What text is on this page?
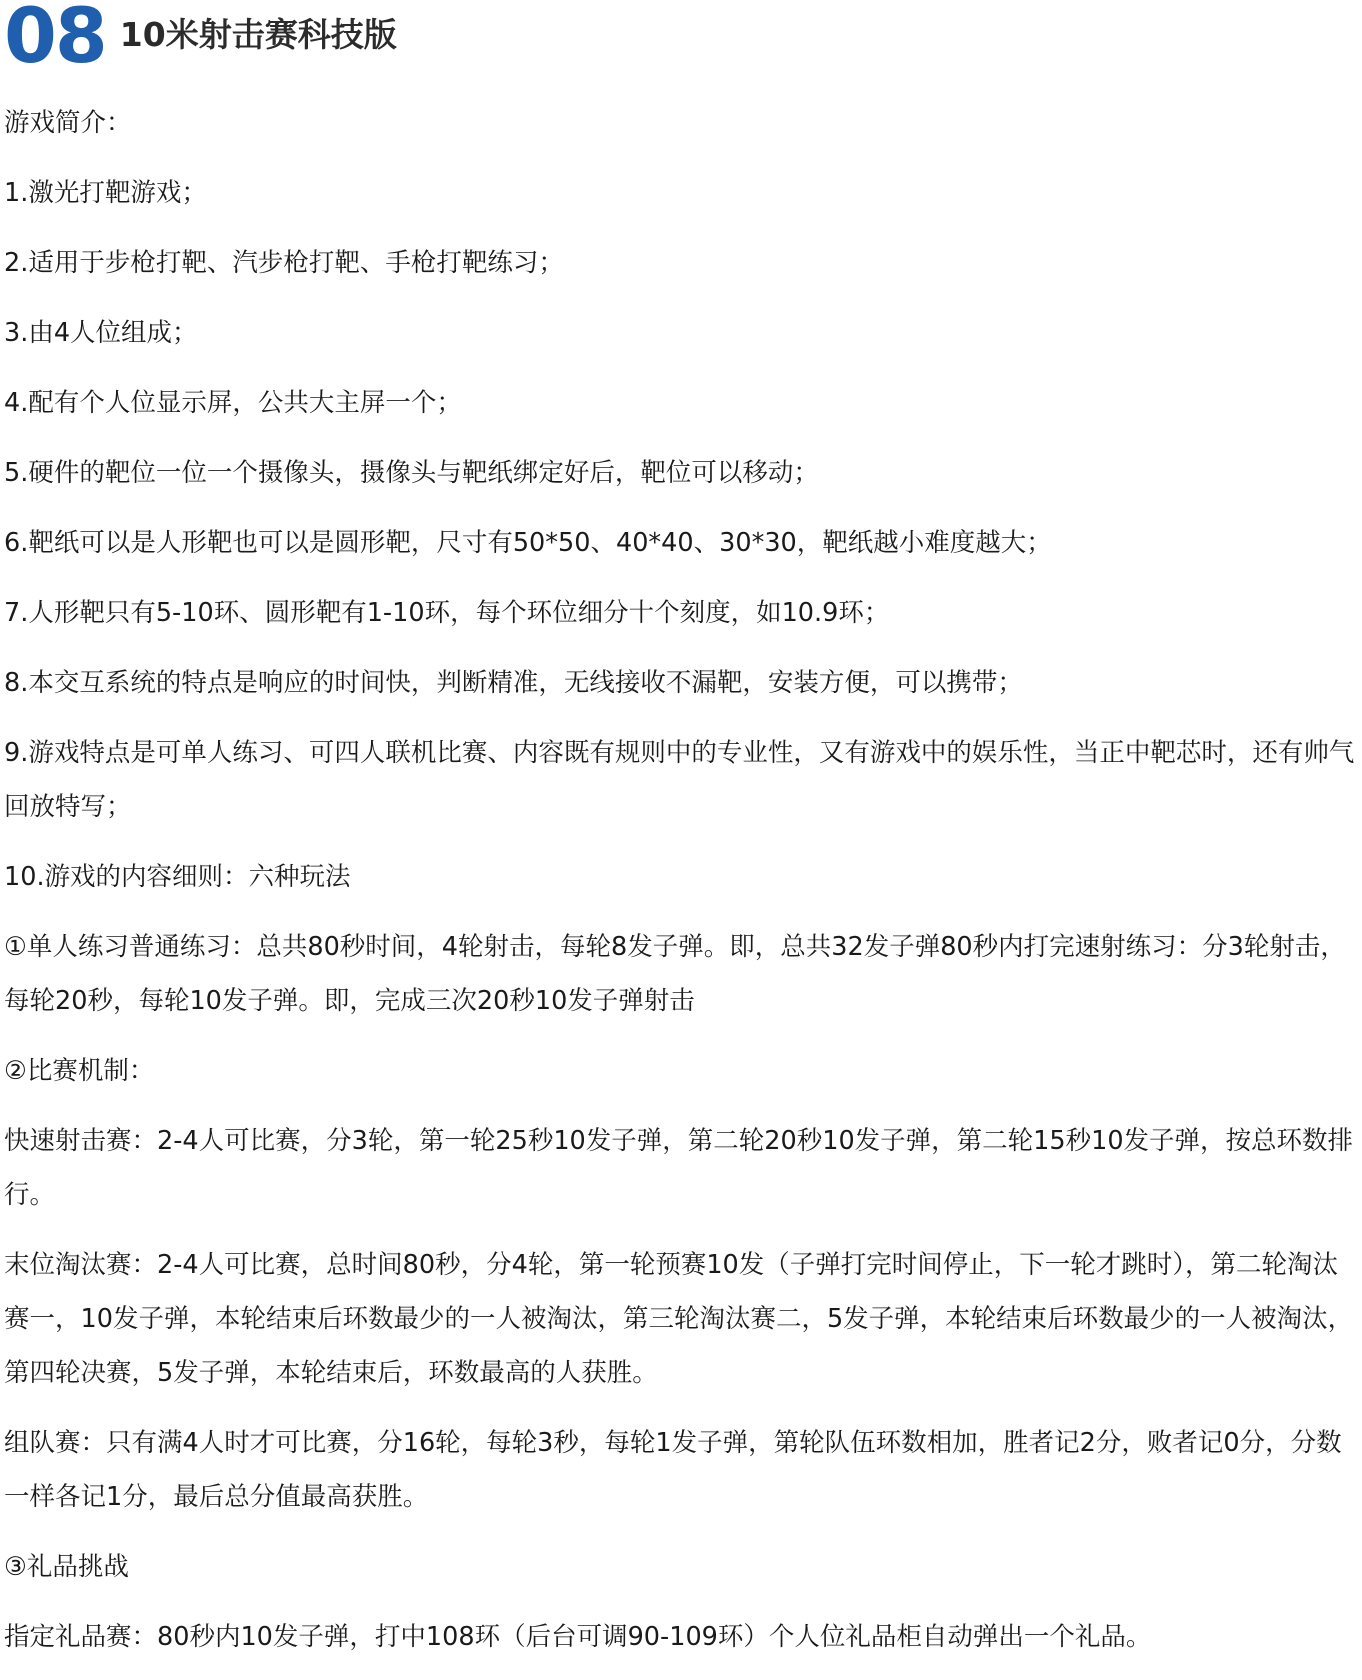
08 10米射击赛科技版

游戏简介：

1.激光打靶游戏；

2.适用于步枪打靶、汽步枪打靶、手枪打靶练习；

3.由4人位组成；

4.配有个人位显示屏，公共大主屏一个；

5.硬件的靶位一位一个摄像头，摄像头与靶纸绑定好后，靶位可以移动；

6.靶纸可以是人形靶也可以是圆形靶，尺寸有50*50、40*40、30*30，靶纸越小难度越大；

7.人形靶只有5-10环、圆形靶有1-10环，每个环位细分十个刻度，如10.9环；

8.本交互系统的特点是响应的时间快，判断精准，无线接收不漏靶，安装方便，可以携带；

9.游戏特点是可单人练习、可四人联机比赛、内容既有规则中的专业性，又有游戏中的娱乐性，当正中靶芯时，还有帅气回放特写；

10.游戏的内容细则：六种玩法

①单人练习普通练习：总共80秒时间，4轮射击，每轮8发子弹。即，总共32发子弹80秒内打完速射练习：分3轮射击，每轮20秒，每轮10发子弹。即，完成三次20秒10发子弹射击

②比赛机制：

快速射击赛：2-4人可比赛，分3轮，第一轮25秒10发子弹，第二轮20秒10发子弹，第二轮15秒10发子弹，按总环数排行。

末位淘汰赛：2-4人可比赛，总时间80秒，分4轮，第一轮预赛10发（子弹打完时间停止，下一轮才跳时），第二轮淘汰赛一，10发子弹，本轮结束后环数最少的一人被淘汰，第三轮淘汰赛二，5发子弹，本轮结束后环数最少的一人被淘汰，第四轮决赛，5发子弹，本轮结束后，环数最高的人获胜。

组队赛：只有满4人时才可比赛，分16轮，每轮3秒，每轮1发子弹，第轮队伍环数相加，胜者记2分，败者记0分，分数一样各记1分，最后总分值最高获胜。

③礼品挑战

指定礼品赛：80秒内10发子弹，打中108环（后台可调90-109环）个人位礼品柜自动弹出一个礼品。
